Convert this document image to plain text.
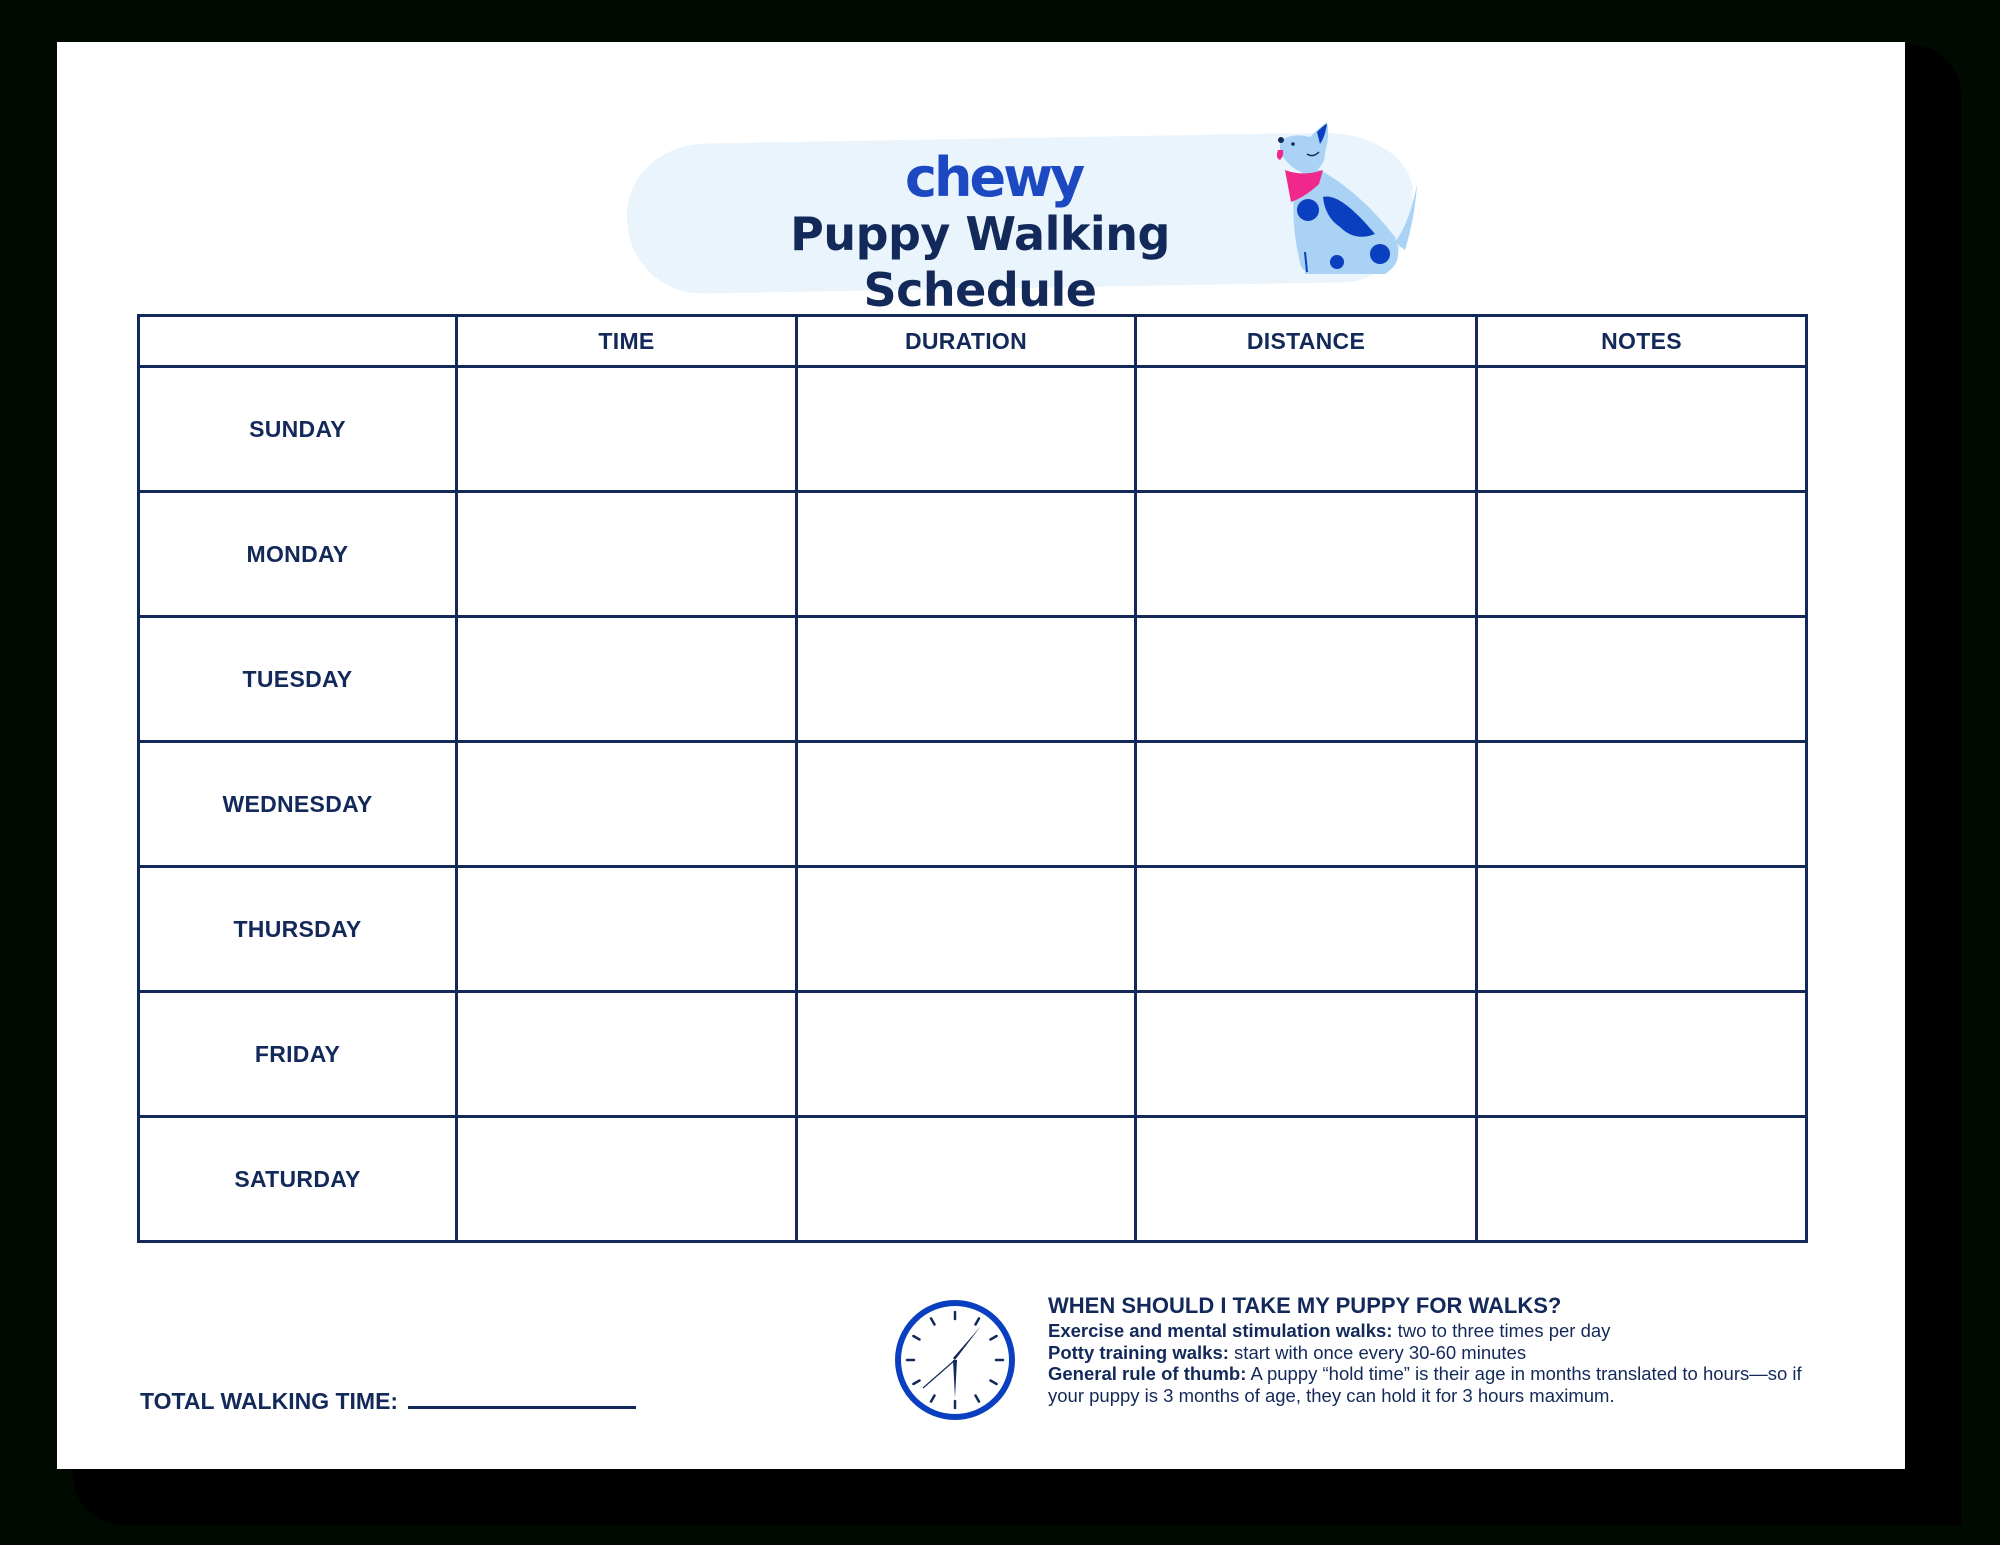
chewy
Puppy Walking Schedule
	TIME	DURATION	DISTANCE	NOTES
SUNDAY				
MONDAY				
TUESDAY				
WEDNESDAY				
THURSDAY				
FRIDAY				
SATURDAY				
TOTAL WALKING TIME:
WHEN SHOULD I TAKE MY PUPPY FOR WALKS?

Exercise and mental stimulation walks: two to three times per day

Potty training walks: start with once every 30-60 minutes

General rule of thumb: A puppy “hold time” is their age in months translated to hours—so if your puppy is 3 months of age, they can hold it for 3 hours maximum.
